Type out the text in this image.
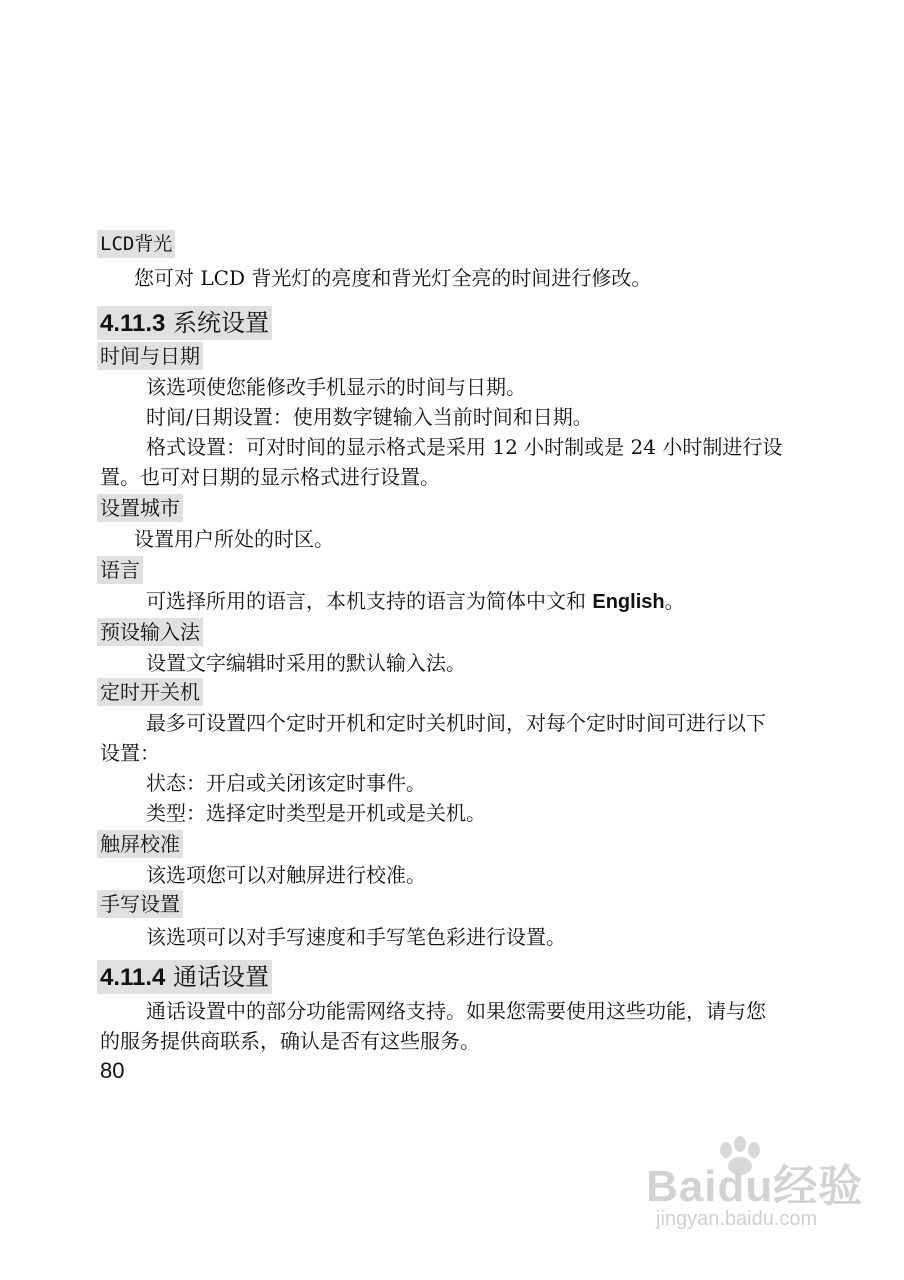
LCD背光
您可对 LCD 背光灯的亮度和背光灯全亮的时间进行修改。
4.11.3 系统设置
时间与日期
该选项使您能修改手机显示的时间与日期。
时间/日期设置：使用数字键输入当前时间和日期。
格式设置：可对时间的显示格式是采用 12 小时制或是 24 小时制进行设
置。也可对日期的显示格式进行设置。
设置城市
设置用户所处的时区。
语言
可选择所用的语言，本机支持的语言为简体中文和 English。
预设输入法
设置文字编辑时采用的默认输入法。
定时开关机
最多可设置四个定时开机和定时关机时间，对每个定时时间可进行以下
设置：
状态：开启或关闭该定时事件。
类型：选择定时类型是开机或是关机。
触屏校准
该选项您可以对触屏进行校准。
手写设置
该选项可以对手写速度和手写笔色彩进行设置。
4.11.4 通话设置
通话设置中的部分功能需网络支持。如果您需要使用这些功能，请与您
的服务提供商联系，确认是否有这些服务。
80
Baidu经验
jingyan.baidu.com
